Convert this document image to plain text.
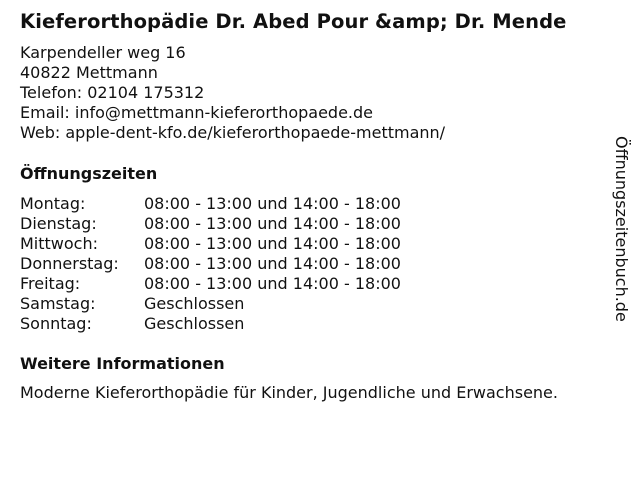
Kieferorthopädie Dr. Abed Pour &amp; Dr. Mende
Karpendeller weg 16
40822 Mettmann
Telefon: 02104 175312
Email: info@mettmann-kieferorthopaede.de
Web: apple-dent-kfo.de/kieferorthopaede-mettmann/
Öffnungszeiten
Montag:	08:00 - 13:00 und 14:00 - 18:00
Dienstag:	08:00 - 13:00 und 14:00 - 18:00
Mittwoch:	08:00 - 13:00 und 14:00 - 18:00
Donnerstag:	08:00 - 13:00 und 14:00 - 18:00
Freitag:	08:00 - 13:00 und 14:00 - 18:00
Samstag:	Geschlossen
Sonntag:	Geschlossen
Weitere Informationen
Moderne Kieferorthopädie für Kinder, Jugendliche und Erwachsene.
Öffnungszeitenbuch.de
